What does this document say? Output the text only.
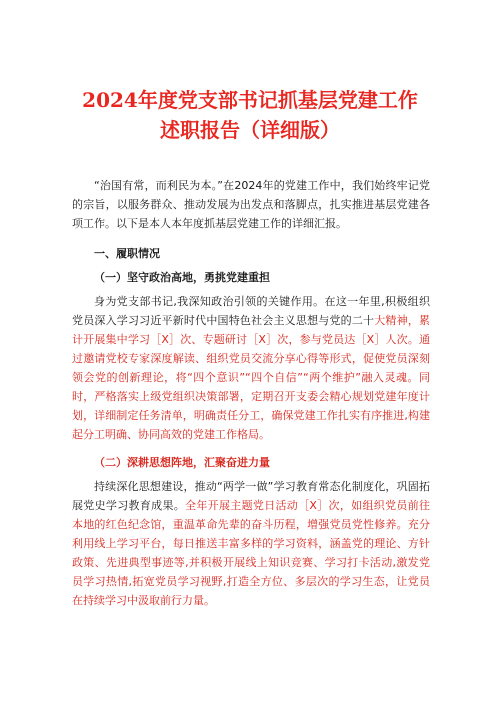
2024年度党支部书记抓基层党建工作
述职报告（详细版）

“治国有常，而利民为本。”在2024年的党建工作中，我们始终牢记党的宗旨，以服务群众、推动发展为出发点和落脚点，扎实推进基层党建各项工作。以下是本人本年度抓基层党建工作的详细汇报。

一、履职情况

（一）坚守政治高地，勇挑党建重担

身为党支部书记,我深知政治引领的关键作用。在这一年里,积极组织党员深入学习习近平新时代中国特色社会主义思想与党的二十大精神，累计开展集中学习［X］次、专题研讨［X］次，参与党员达［X］人次。通过邀请党校专家深度解读、组织党员交流分享心得等形式，促使党员深刻领会党的创新理论，将“四个意识”“四个自信”“两个维护”融入灵魂。同时，严格落实上级党组织决策部署，定期召开支委会精心规划党建年度计划，详细制定任务清单，明确责任分工，确保党建工作扎实有序推进,构建起分工明确、协同高效的党建工作格局。

（二）深耕思想阵地，汇聚奋进力量

持续深化思想建设，推动“两学一做”学习教育常态化制度化，巩固拓展党史学习教育成果。全年开展主题党日活动［X］次，如组织党员前往本地的红色纪念馆，重温革命先辈的奋斗历程，增强党员党性修养。充分利用线上学习平台，每日推送丰富多样的学习资料，涵盖党的理论、方针政策、先进典型事迹等,并积极开展线上知识竞赛、学习打卡活动,激发党员学习热情,拓宽党员学习视野,打造全方位、多层次的学习生态，让党员在持续学习中汲取前行力量。
